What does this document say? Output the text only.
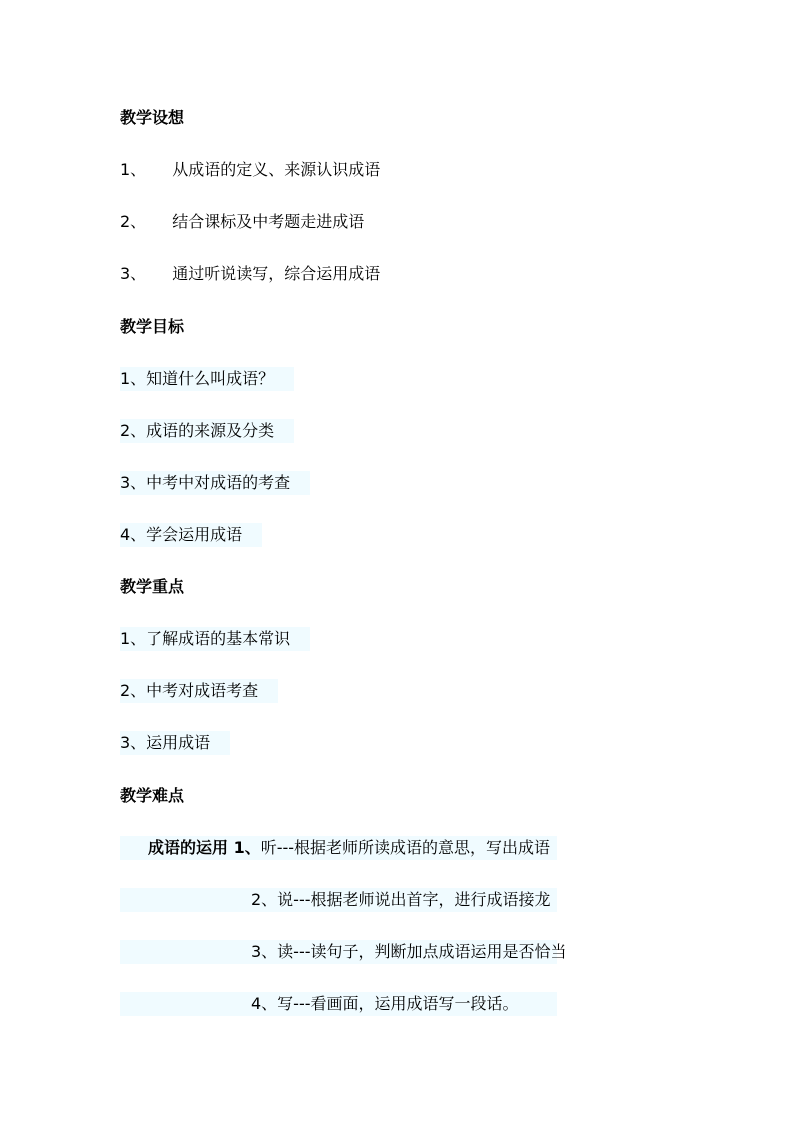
教学设想
1、 从成语的定义、来源认识成语
2、 结合课标及中考题走进成语
3、 通过听说读写，综合运用成语
教学目标
1、知道什么叫成语？
2、成语的来源及分类
3、中考中对成语的考查
4、学会运用成语
教学重点
1、了解成语的基本常识
2、中考对成语考查
3、运用成语
教学难点
成语的运用 1、听---根据老师所读成语的意思，写出成语
2、说---根据老师说出首字，进行成语接龙
3、读---读句子，判断加点成语运用是否恰当
4、写---看画面，运用成语写一段话。
